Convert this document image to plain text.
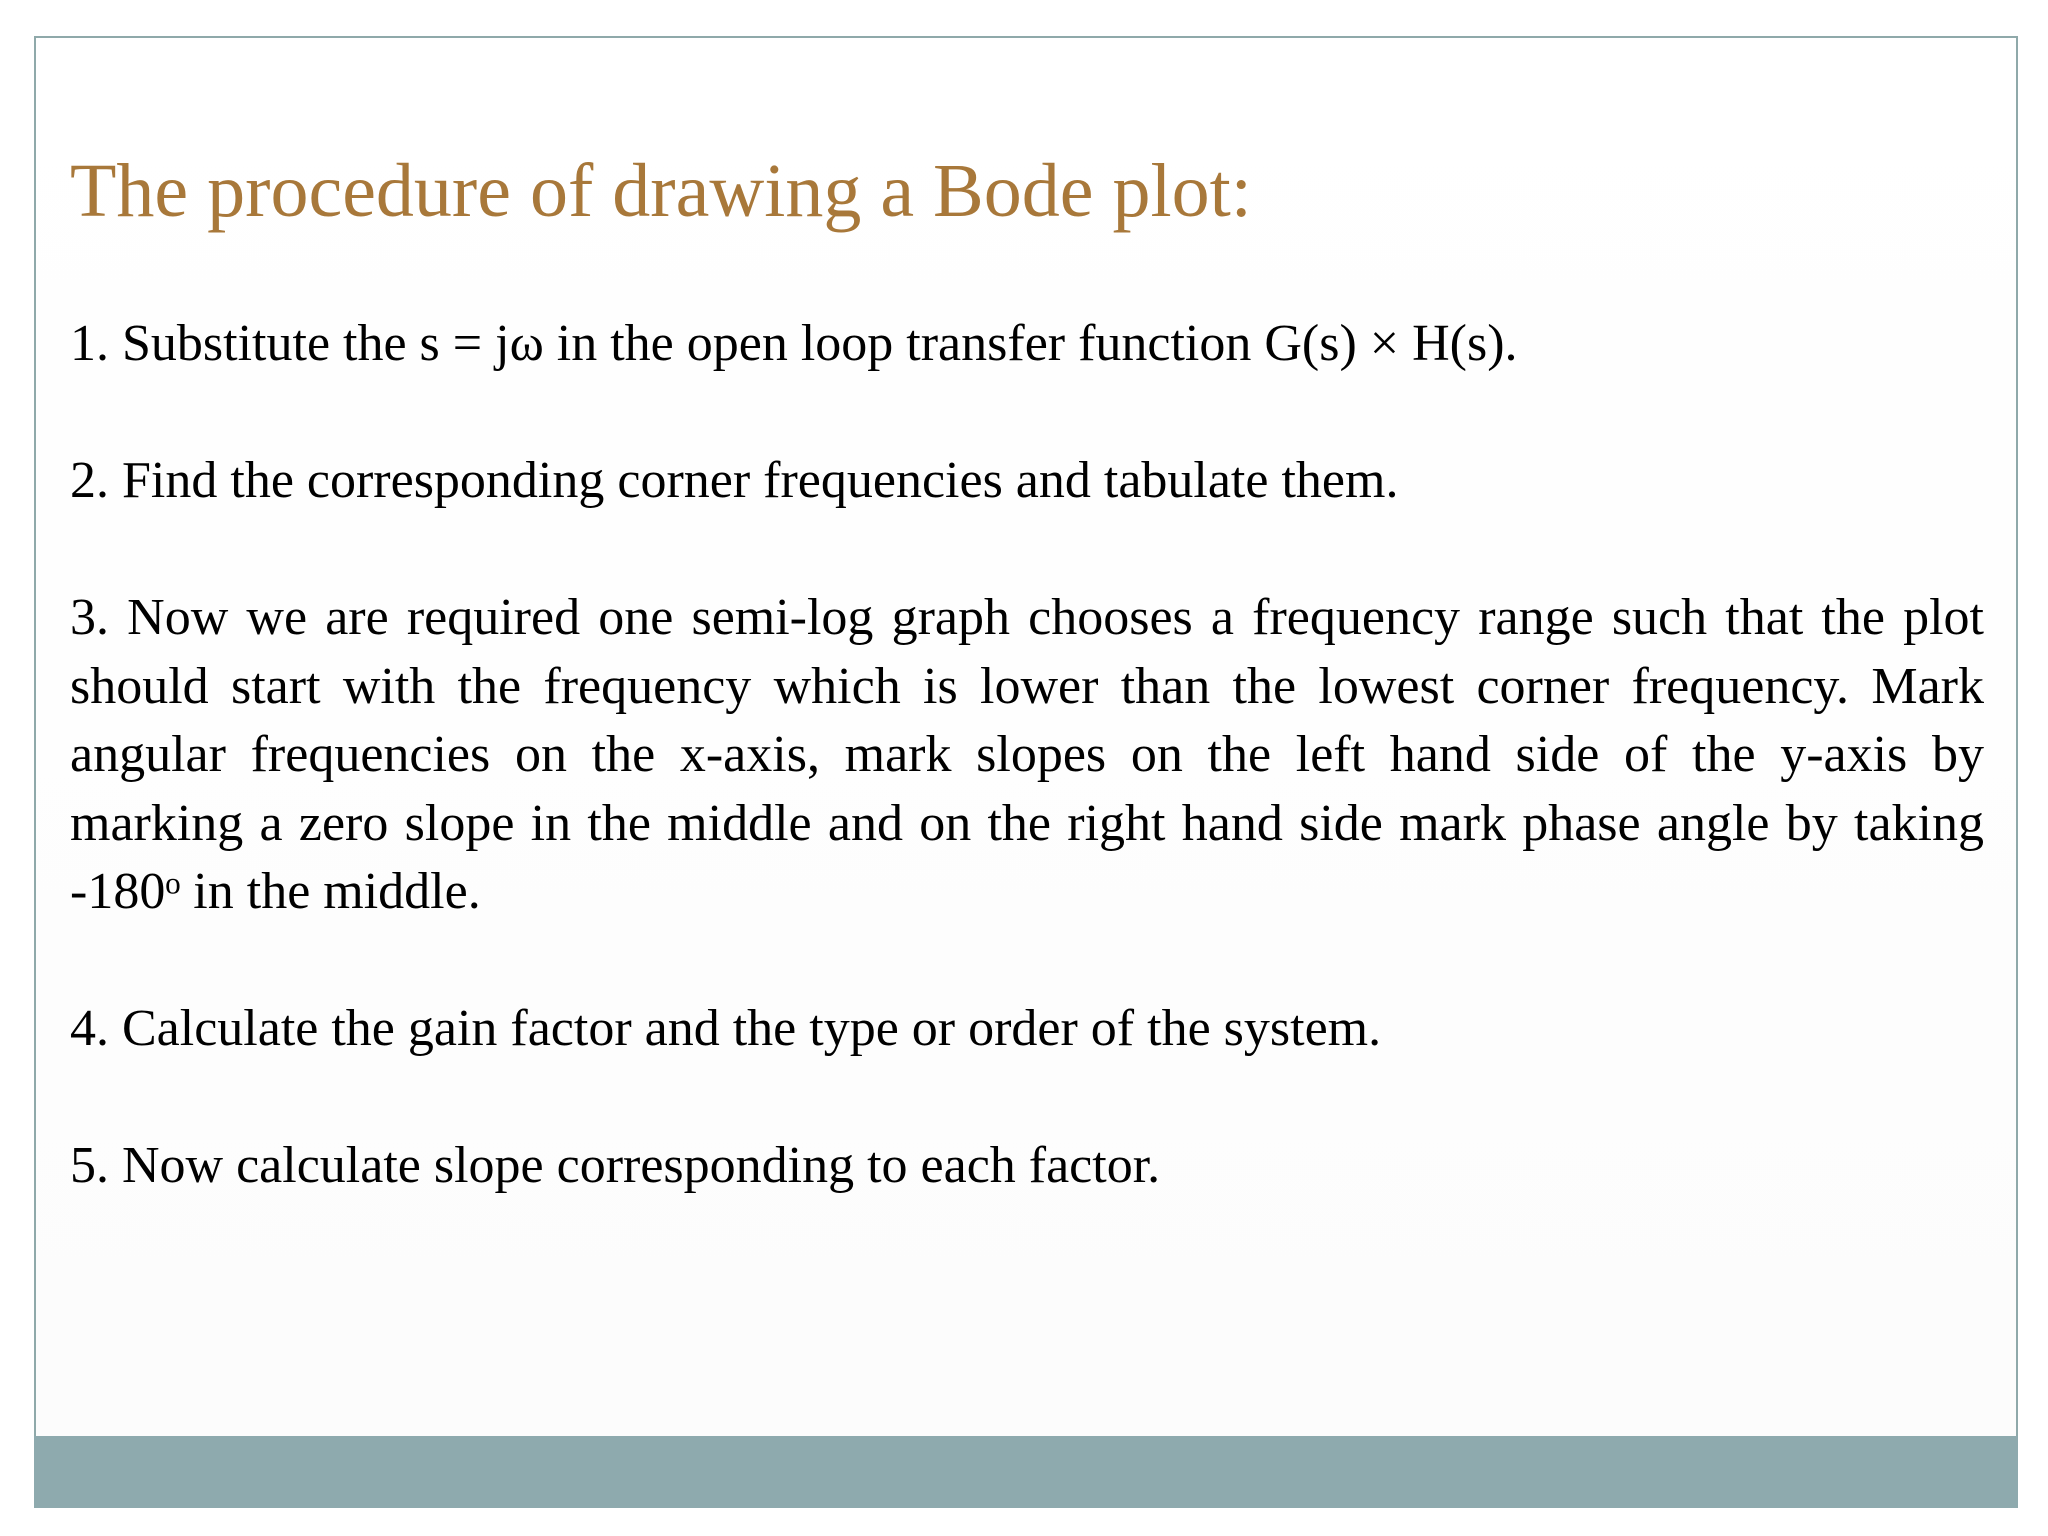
The procedure of drawing a Bode plot:

1. Substitute the s = jω in the open loop transfer function G(s) × H(s).

2. Find the corresponding corner frequencies and tabulate them.

3. Now we are required one semi-log graph chooses a frequency range such that the plot should start with the frequency which is lower than the lowest corner frequency. Mark angular frequencies on the x-axis, mark slopes on the left hand side of the y-axis by marking a zero slope in the middle and on the right hand side mark phase angle by taking -180ᵒ in the middle.

4. Calculate the gain factor and the type or order of the system.

5. Now calculate slope corresponding to each factor.
